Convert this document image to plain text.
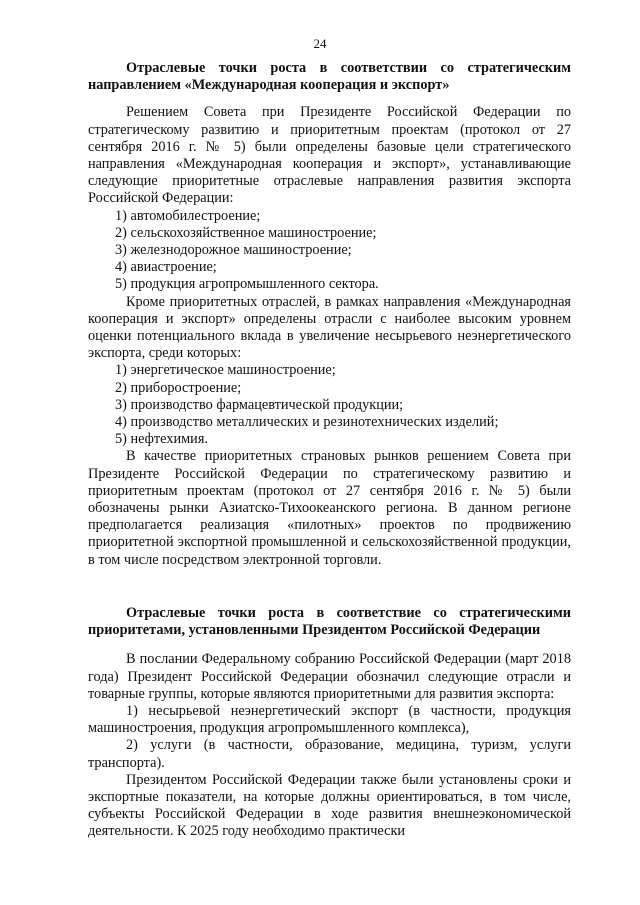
24
Отраслевые точки роста в соответствии со стратегическим направлением «Международная кооперация и экспорт»

Решением Совета при Президенте Российской Федерации по стратегическому развитию и приоритетным проектам (протокол от 27 сентября 2016 г. № 5) были определены базовые цели стратегического направления «Международная кооперация и экспорт», устанавливающие следующие приоритетные отраслевые направления развития экспорта Российской Федерации:

1) автомобилестроение;
2) сельскохозяйственное машиностроение;
3) железнодорожное машиностроение;
4) авиастроение;
5) продукция агропромышленного сектора.

Кроме приоритетных отраслей, в рамках направления «Международная кооперация и экспорт» определены отрасли с наиболее высоким уровнем оценки потенциального вклада в увеличение несырьевого неэнергетического экспорта, среди которых:

1) энергетическое машиностроение;
2) приборостроение;
3) производство фармацевтической продукции;
4) производство металлических и резинотехнических изделий;
5) нефтехимия.

В качестве приоритетных страновых рынков решением Совета при Президенте Российской Федерации по стратегическому развитию и приоритетным проектам (протокол от 27 сентября 2016 г. № 5) были обозначены рынки Азиатско-Тихоокеанского региона. В данном регионе предполагается реализация «пилотных» проектов по продвижению приоритетной экспортной промышленной и сельскохозяйственной продукции, в том числе посредством электронной торговли.

Отраслевые точки роста в соответствие со стратегическими приоритетами, установленными Президентом Российской Федерации

В послании Федеральному собранию Российской Федерации (март 2018 года) Президент Российской Федерации обозначил следующие отрасли и товарные группы, которые являются приоритетными для развития экспорта:

1) несырьевой неэнергетический экспорт (в частности, продукция машиностроения, продукция агропромышленного комплекса),

2) услуги (в частности, образование, медицина, туризм, услуги транспорта).

Президентом Российской Федерации также были установлены сроки и экспортные показатели, на которые должны ориентироваться, в том числе, субъекты Российской Федерации в ходе развития внешнеэкономической деятельности. К 2025 году необходимо практически
